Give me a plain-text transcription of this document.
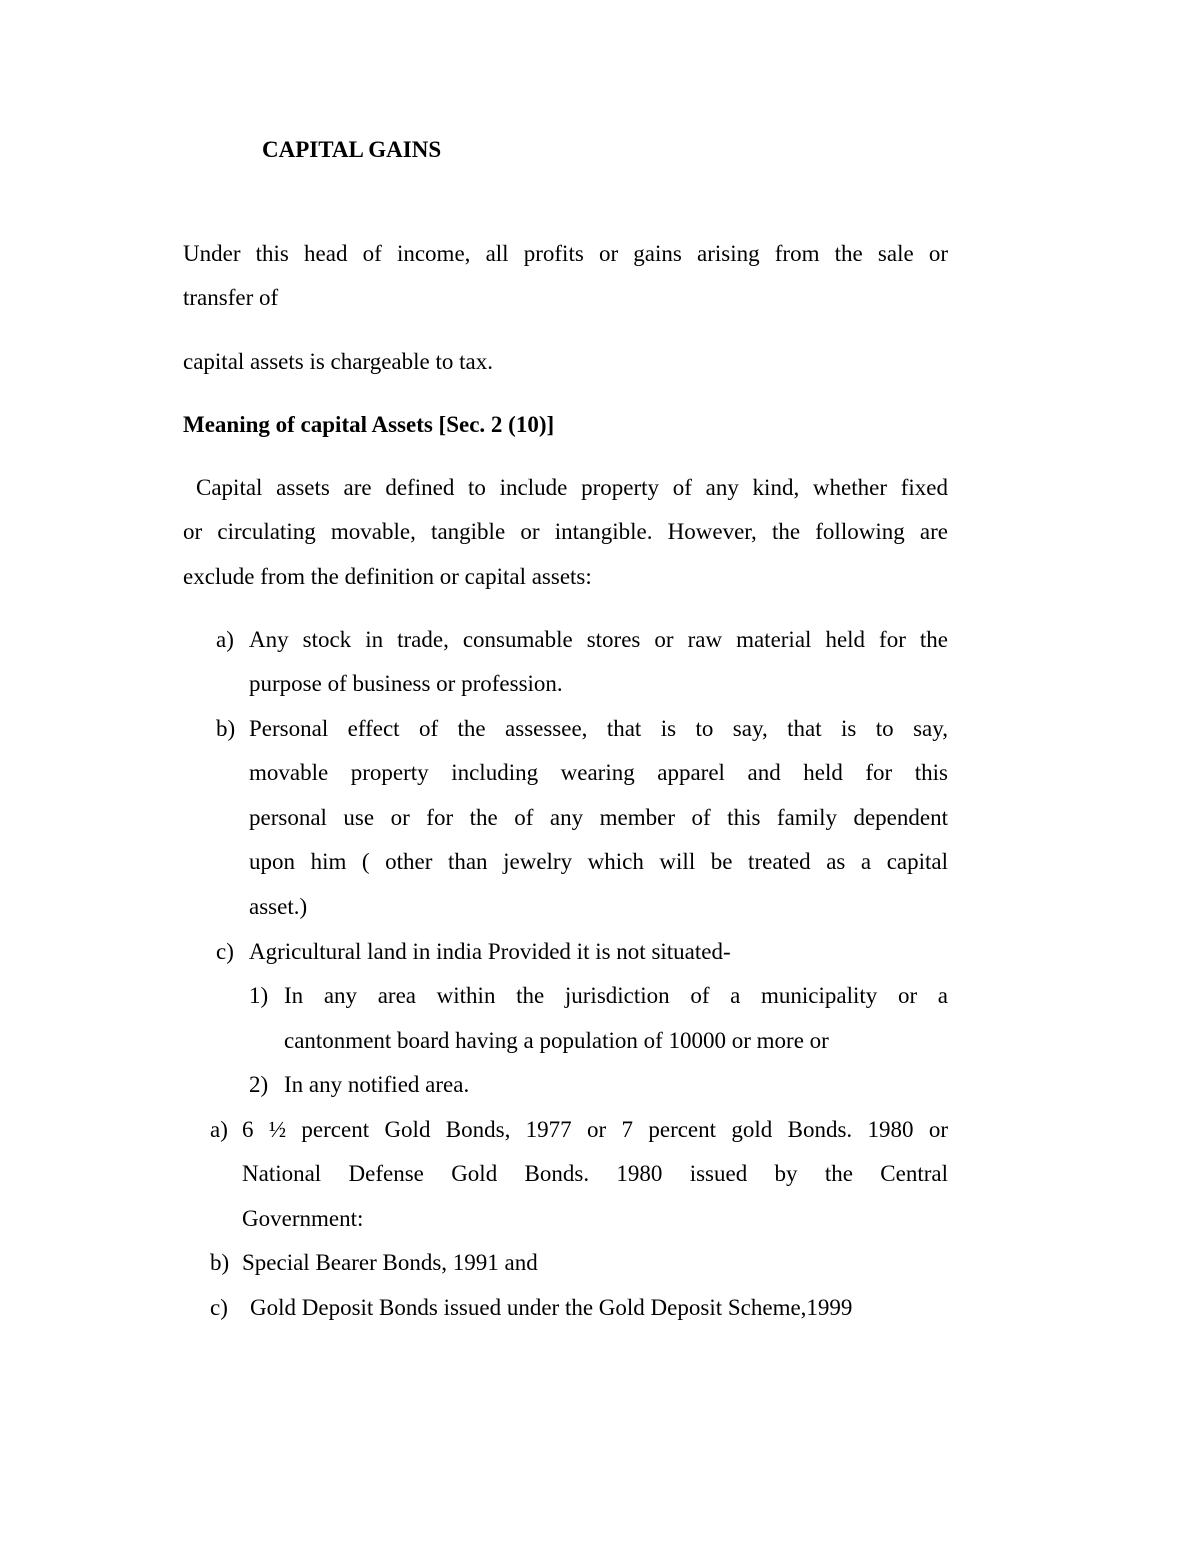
CAPITAL GAINS
Under this head of income, all profits or gains arising from the sale or
transfer of
capital assets is chargeable to tax.
Meaning of capital Assets [Sec. 2 (10)]
Capital assets are defined to include property of any kind, whether fixed
or circulating movable, tangible or intangible. However, the following are
exclude from the definition or capital assets:
a) Any stock in trade, consumable stores or raw material held for the
purpose of business or profession.
b) Personal effect of the assessee, that is to say, that is to say,
movable property including wearing apparel and held for this
personal use or for the of any member of this family dependent
upon him ( other than jewelry which will be treated as a capital
asset.)
c) Agricultural land in india Provided it is not situated-
1) In any area within the jurisdiction of a municipality or a
cantonment board having a population of 10000 or more or
2) In any notified area.
a) 6 ½ percent Gold Bonds, 1977 or 7 percent gold Bonds. 1980 or
National Defense Gold Bonds. 1980 issued by the Central
Government:
b) Special Bearer Bonds, 1991 and
c) Gold Deposit Bonds issued under the Gold Deposit Scheme,1999
